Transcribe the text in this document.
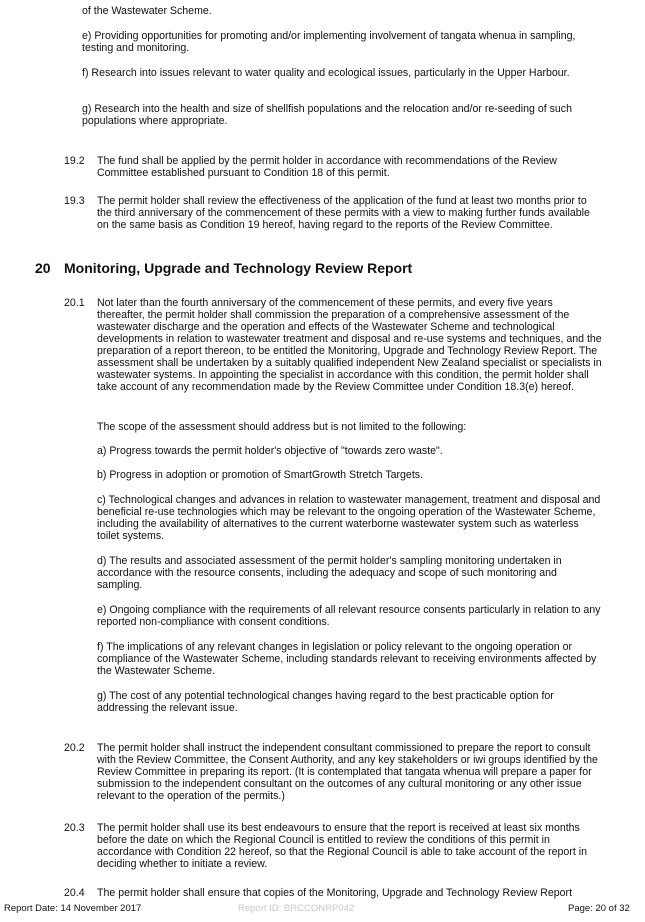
of the Wastewater Scheme.

e) Providing opportunities for promoting and/or implementing involvement of tangata whenua in sampling, testing and monitoring.

f) Research into issues relevant to water quality and ecological issues, particularly in the Upper Harbour.

g) Research into the health and size of shellfish populations and the relocation and/or re-seeding of such populations where appropriate.

19.2	The fund shall be applied by the permit holder in accordance with recommendations of the Review Committee established pursuant to Condition 18 of this permit.

19.3	The permit holder shall review the effectiveness of the application of the fund at least two months prior to the third anniversary of the commencement of these permits with a view to making further funds available on the same basis as Condition 19 hereof, having regard to the reports of the Review Committee.

20 Monitoring, Upgrade and Technology Review Report

20.1	Not later than the fourth anniversary of the commencement of these permits, and every five years thereafter, the permit holder shall commission the preparation of a comprehensive assessment of the wastewater discharge and the operation and effects of the Wastewater Scheme and technological developments in relation to wastewater treatment and disposal and re-use systems and techniques, and the preparation of a report thereon, to be entitled the Monitoring, Upgrade and Technology Review Report. The assessment shall be undertaken by a suitably qualified independent New Zealand specialist or specialists in wastewater systems. In appointing the specialist in accordance with this condition, the permit holder shall take account of any recommendation made by the Review Committee under Condition 18.3(e) hereof.

The scope of the assessment should address but is not limited to the following:

a) Progress towards the permit holder's objective of "towards zero waste".

b) Progress in adoption or promotion of SmartGrowth Stretch Targets.

c) Technological changes and advances in relation to wastewater management, treatment and disposal and beneficial re-use technologies which may be relevant to the ongoing operation of the Wastewater Scheme, including the availability of alternatives to the current waterborne wastewater system such as waterless toilet systems.

d) The results and associated assessment of the permit holder's sampling monitoring undertaken in accordance with the resource consents, including the adequacy and scope of such monitoring and sampling.

e) Ongoing compliance with the requirements of all relevant resource consents particularly in relation to any reported non-compliance with consent conditions.

f) The implications of any relevant changes in legislation or policy relevant to the ongoing operation or compliance of the Wastewater Scheme, including standards relevant to receiving environments affected by the Wastewater Scheme.

g) The cost of any potential technological changes having regard to the best practicable option for addressing the relevant issue.

20.2	The permit holder shall instruct the independent consultant commissioned to prepare the report to consult with the Review Committee, the Consent Authority, and any key stakeholders or iwi groups identified by the Review Committee in preparing its report. (It is contemplated that tangata whenua will prepare a paper for submission to the independent consultant on the outcomes of any cultural monitoring or any other issue relevant to the operation of the permits.)

20.3	The permit holder shall use its best endeavours to ensure that the report is received at least six months before the date on which the Regional Council is entitled to review the conditions of this permit in accordance with Condition 22 hereof, so that the Regional Council is able to take account of the report in deciding whether to initiate a review.

20.4	The permit holder shall ensure that copies of the Monitoring, Upgrade and Technology Review Report

Report Date: 14 November 2017	Report ID: BRCCONRP042	Page: 20 of 32
